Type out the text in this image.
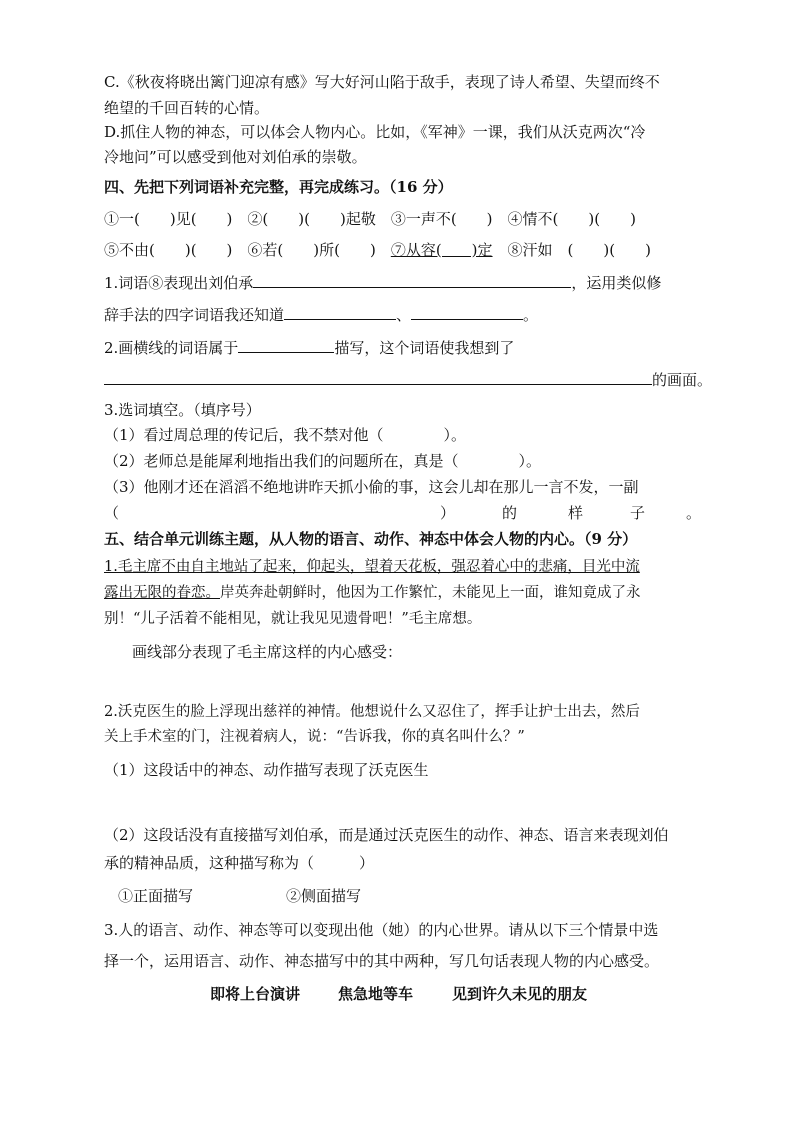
C.《秋夜将晓出篱门迎凉有感》写大好河山陷于敌手，表现了诗人希望、失望而终不
绝望的千回百转的心情。
D.抓住人物的神态，可以体会人物内心。比如，《军神》一课，我们从沃克两次“冷
冷地问”可以感受到他对刘伯承的崇敬。
四、先把下列词语补充完整，再完成练习。（16 分）
①一(　　)见(　　)　②(　　)(　　)起敬　③一声不(　　)　④情不(　　)(　　)
⑤不由(　　)(　　)　⑥若(　　)所(　　)　⑦从容(　　)定　⑧汗如　(　　)(　　)
1.词语⑧表现出刘伯承	，运用类似修
辞手法的四字词语我还知道	、	。
2.画横线的词语属于	描写，这个词语使我想到了
的画面。
3.选词填空。（填序号）
（1）看过周总理的传记后，我不禁对他（　　　　）。
（2）老师总是能犀利地指出我们的问题所在，真是（　　　　）。
（3）他刚才还在滔滔不绝地讲昨天抓小偷的事，这会儿却在那儿一言不发，一副
（	）	的	样	子	。
五、结合单元训练主题，从人物的语言、动作、神态中体会人物的内心。（9 分）
1.毛主席不由自主地站了起来，仰起头，望着天花板，强忍着心中的悲痛，目光中流
露出无限的眷恋。岸英奔赴朝鲜时，他因为工作繁忙，未能见上一面，谁知竟成了永
别！“儿子活着不能相见，就让我见见遗骨吧！”毛主席想。
画线部分表现了毛主席这样的内心感受：
2.沃克医生的脸上浮现出慈祥的神情。他想说什么又忍住了，挥手让护士出去，然后
关上手术室的门，注视着病人，说：“告诉我，你的真名叫什么？”
（1）这段话中的神态、动作描写表现了沃克医生
（2）这段话没有直接描写刘伯承，而是通过沃克医生的动作、神态、语言来表现刘伯
承的精神品质，这种描写称为（　　　）
①正面描写	②侧面描写
3.人的语言、动作、神态等可以变现出他（她）的内心世界。请从以下三个情景中选
择一个，运用语言、动作、神态描写中的其中两种，写几句话表现人物的内心感受。
即将上台演讲	焦急地等车	见到许久未见的朋友
